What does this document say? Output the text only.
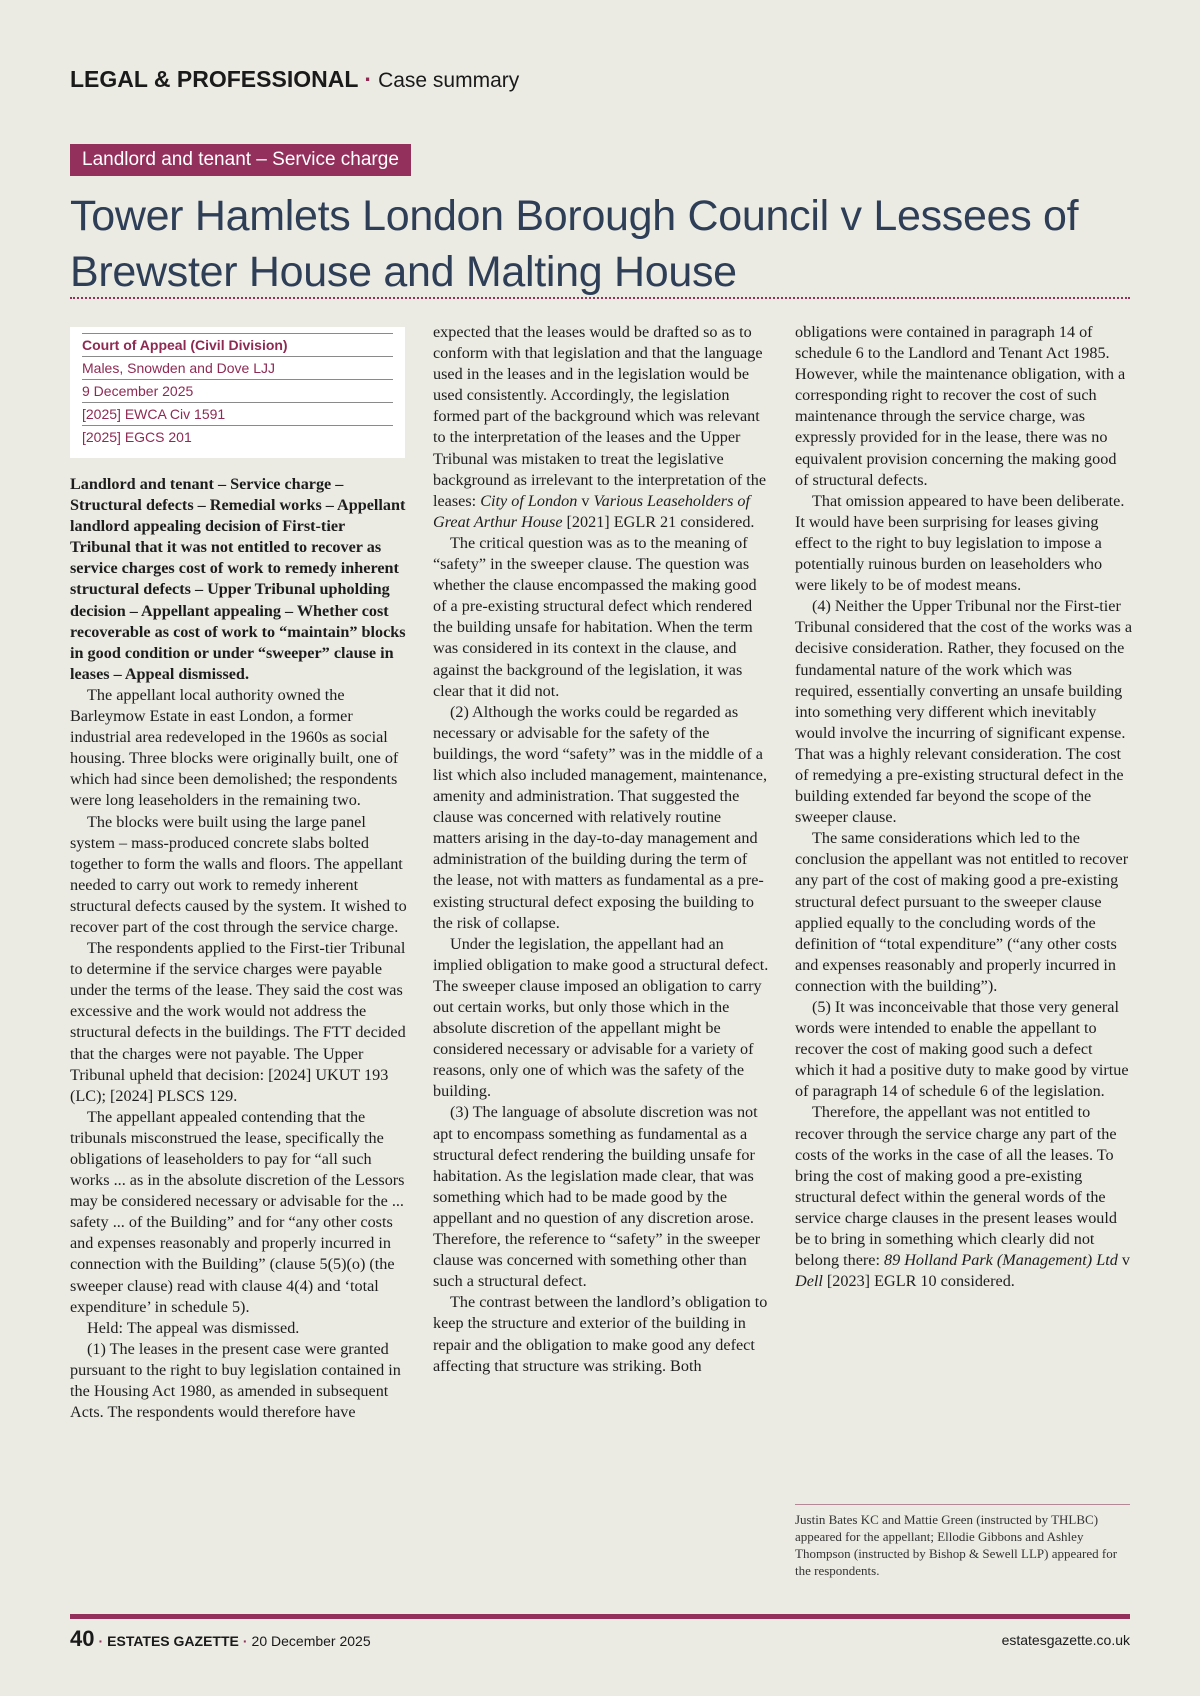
LEGAL & PROFESSIONAL · Case summary
Landlord and tenant – Service charge
Tower Hamlets London Borough Council v Lessees of Brewster House and Malting House
Court of Appeal (Civil Division)
Males, Snowden and Dove LJJ
9 December 2025
[2025] EWCA Civ 1591
[2025] EGCS 201

Landlord and tenant – Service charge – Structural defects – Remedial works – Appellant landlord appealing decision of First-tier Tribunal that it was not entitled to recover as service charges cost of work to remedy inherent structural defects – Upper Tribunal upholding decision – Appellant appealing – Whether cost recoverable as cost of work to “maintain” blocks in good condition or under “sweeper” clause in leases – Appeal dismissed.

The appellant local authority owned the Barleymow Estate in east London, a former industrial area redeveloped in the 1960s as social housing. Three blocks were originally built, one of which had since been demolished; the respondents were long leaseholders in the remaining two.

The blocks were built using the large panel system – mass-produced concrete slabs bolted together to form the walls and floors. The appellant needed to carry out work to remedy inherent structural defects caused by the system. It wished to recover part of the cost through the service charge.

The respondents applied to the First-tier Tribunal to determine if the service charges were payable under the terms of the lease. They said the cost was excessive and the work would not address the structural defects in the buildings. The FTT decided that the charges were not payable. The Upper Tribunal upheld that decision: [2024] UKUT 193 (LC); [2024] PLSCS 129.

The appellant appealed contending that the tribunals misconstrued the lease, specifically the obligations of leaseholders to pay for “all such works ... as in the absolute discretion of the Lessors may be considered necessary or advisable for the ... safety ... of the Building” and for “any other costs and expenses reasonably and properly incurred in connection with the Building” (clause 5(5)(o) (the sweeper clause) read with clause 4(4) and ‘total expenditure’ in schedule 5).

Held: The appeal was dismissed.

(1) The leases in the present case were granted pursuant to the right to buy legislation contained in the Housing Act 1980, as amended in subsequent Acts. The respondents would therefore have

expected that the leases would be drafted so as to conform with that legislation and that the language used in the leases and in the legislation would be used consistently. Accordingly, the legislation formed part of the background which was relevant to the interpretation of the leases and the Upper Tribunal was mistaken to treat the legislative background as irrelevant to the interpretation of the leases: City of London v Various Leaseholders of Great Arthur House [2021] EGLR 21 considered.

The critical question was as to the meaning of “safety” in the sweeper clause. The question was whether the clause encompassed the making good of a pre-existing structural defect which rendered the building unsafe for habitation. When the term was considered in its context in the clause, and against the background of the legislation, it was clear that it did not.

(2) Although the works could be regarded as necessary or advisable for the safety of the buildings, the word “safety” was in the middle of a list which also included management, maintenance, amenity and administration. That suggested the clause was concerned with relatively routine matters arising in the day-to-day management and administration of the building during the term of the lease, not with matters as fundamental as a pre-existing structural defect exposing the building to the risk of collapse.

Under the legislation, the appellant had an implied obligation to make good a structural defect. The sweeper clause imposed an obligation to carry out certain works, but only those which in the absolute discretion of the appellant might be considered necessary or advisable for a variety of reasons, only one of which was the safety of the building.

(3) The language of absolute discretion was not apt to encompass something as fundamental as a structural defect rendering the building unsafe for habitation. As the legislation made clear, that was something which had to be made good by the appellant and no question of any discretion arose. Therefore, the reference to “safety” in the sweeper clause was concerned with something other than such a structural defect.

The contrast between the landlord’s obligation to keep the structure and exterior of the building in repair and the obligation to make good any defect affecting that structure was striking. Both

obligations were contained in paragraph 14 of schedule 6 to the Landlord and Tenant Act 1985. However, while the maintenance obligation, with a corresponding right to recover the cost of such maintenance through the service charge, was expressly provided for in the lease, there was no equivalent provision concerning the making good of structural defects.

That omission appeared to have been deliberate. It would have been surprising for leases giving effect to the right to buy legislation to impose a potentially ruinous burden on leaseholders who were likely to be of modest means.

(4) Neither the Upper Tribunal nor the First-tier Tribunal considered that the cost of the works was a decisive consideration. Rather, they focused on the fundamental nature of the work which was required, essentially converting an unsafe building into something very different which inevitably would involve the incurring of significant expense. That was a highly relevant consideration. The cost of remedying a pre-existing structural defect in the building extended far beyond the scope of the sweeper clause.

The same considerations which led to the conclusion the appellant was not entitled to recover any part of the cost of making good a pre-existing structural defect pursuant to the sweeper clause applied equally to the concluding words of the definition of “total expenditure” (“any other costs and expenses reasonably and properly incurred in connection with the building”).

(5) It was inconceivable that those very general words were intended to enable the appellant to recover the cost of making good such a defect which it had a positive duty to make good by virtue of paragraph 14 of schedule 6 of the legislation.

Therefore, the appellant was not entitled to recover through the service charge any part of the costs of the works in the case of all the leases. To bring the cost of making good a pre-existing structural defect within the general words of the service charge clauses in the present leases would be to bring in something which clearly did not belong there: 89 Holland Park (Management) Ltd v Dell [2023] EGLR 10 considered.

Justin Bates KC and Mattie Green (instructed by THLBC) appeared for the appellant; Ellodie Gibbons and Ashley Thompson (instructed by Bishop & Sewell LLP) appeared for the respondents.
40 · ESTATES GAZETTE · 20 December 2025	estatesgazette.co.uk
